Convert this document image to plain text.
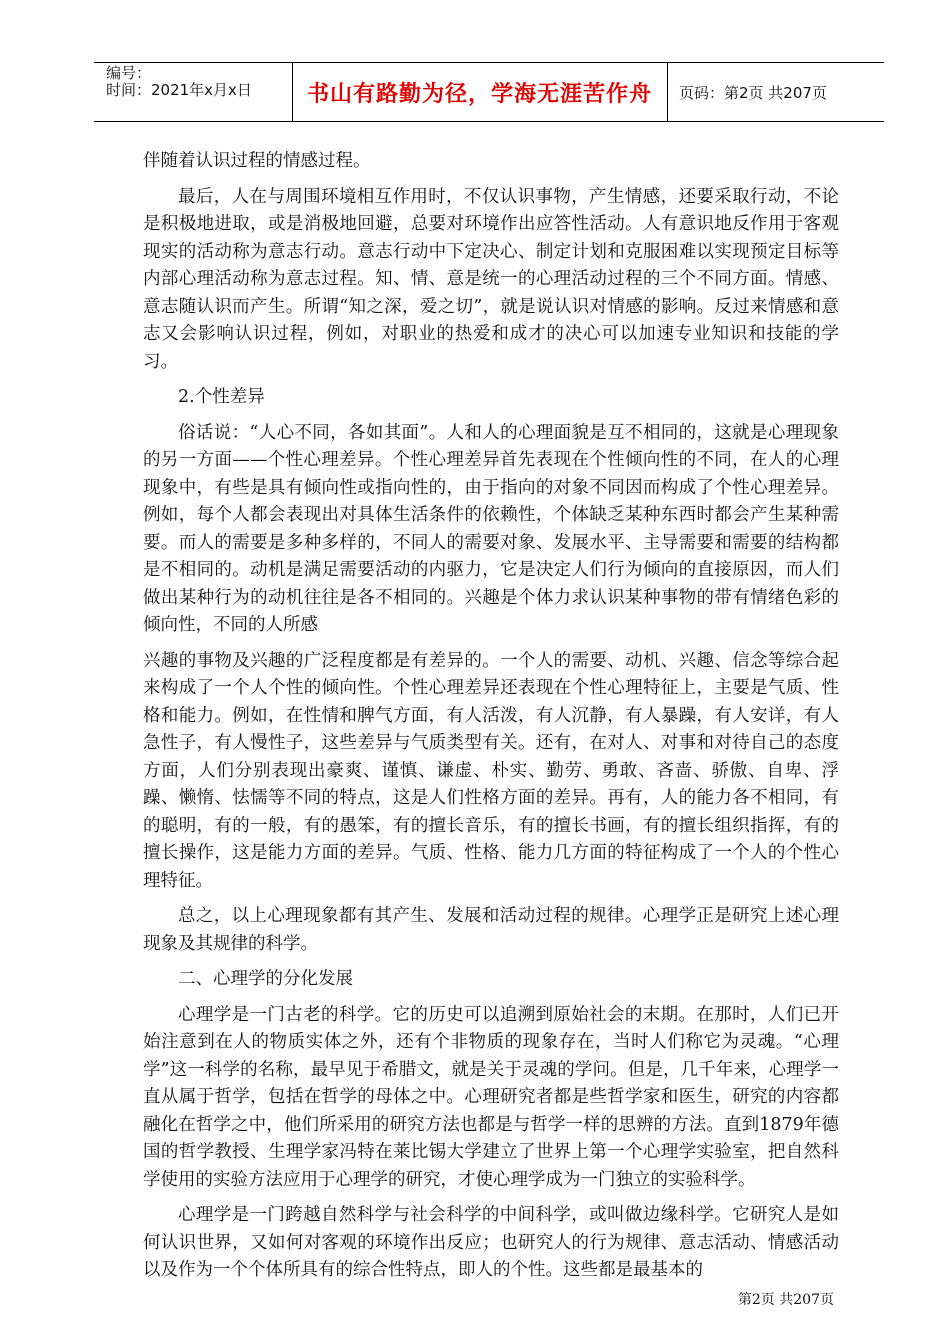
编号：
时间：2021年x月x日	书山有路勤为径，学海无涯苦作舟	页码：第2页 共207页

伴随着认识过程的情感过程。

最后，人在与周围环境相互作用时，不仅认识事物，产生情感，还要采取行动，不论是积极地进取，或是消极地回避，总要对环境作出应答性活动。人有意识地反作用于客观现实的活动称为意志行动。意志行动中下定决心、制定计划和克服困难以实现预定目标等内部心理活动称为意志过程。知、情、意是统一的心理活动过程的三个不同方面。情感、意志随认识而产生。所谓“知之深，爱之切”，就是说认识对情感的影响。反过来情感和意志又会影响认识过程，例如，对职业的热爱和成才的决心可以加速专业知识和技能的学习。

2.个性差异

俗话说：“人心不同，各如其面”。人和人的心理面貌是互不相同的，这就是心理现象的另一方面——个性心理差异。个性心理差异首先表现在个性倾向性的不同，在人的心理现象中，有些是具有倾向性或指向性的，由于指向的对象不同因而构成了个性心理差异。例如，每个人都会表现出对具体生活条件的依赖性，个体缺乏某种东西时都会产生某种需要。而人的需要是多种多样的，不同人的需要对象、发展水平、主导需要和需要的结构都是不相同的。动机是满足需要活动的内驱力，它是决定人们行为倾向的直接原因，而人们做出某种行为的动机往往是各不相同的。兴趣是个体力求认识某种事物的带有情绪色彩的倾向性，不同的人所感

兴趣的事物及兴趣的广泛程度都是有差异的。一个人的需要、动机、兴趣、信念等综合起来构成了一个人个性的倾向性。个性心理差异还表现在个性心理特征上，主要是气质、性格和能力。例如，在性情和脾气方面，有人活泼，有人沉静，有人暴躁，有人安详，有人急性子，有人慢性子，这些差异与气质类型有关。还有，在对人、对事和对待自己的态度方面，人们分别表现出豪爽、谨慎、谦虚、朴实、勤劳、勇敢、吝啬、骄傲、自卑、浮躁、懒惰、怯懦等不同的特点，这是人们性格方面的差异。再有，人的能力各不相同，有的聪明，有的一般，有的愚笨，有的擅长音乐，有的擅长书画，有的擅长组织指挥，有的擅长操作，这是能力方面的差异。气质、性格、能力几方面的特征构成了一个人的个性心理特征。

总之，以上心理现象都有其产生、发展和活动过程的规律。心理学正是研究上述心理现象及其规律的科学。

二、心理学的分化发展

心理学是一门古老的科学。它的历史可以追溯到原始社会的末期。在那时，人们已开始注意到在人的物质实体之外，还有个非物质的现象存在，当时人们称它为灵魂。“心理学”这一科学的名称，最早见于希腊文，就是关于灵魂的学问。但是，几千年来，心理学一直从属于哲学，包括在哲学的母体之中。心理研究者都是些哲学家和医生，研究的内容都融化在哲学之中，他们所采用的研究方法也都是与哲学一样的思辨的方法。直到1879年德国的哲学教授、生理学家冯特在莱比锡大学建立了世界上第一个心理学实验室，把自然科学使用的实验方法应用于心理学的研究，才使心理学成为一门独立的实验科学。

心理学是一门跨越自然科学与社会科学的中间科学，或叫做边缘科学。它研究人是如何认识世界，又如何对客观的环境作出反应；也研究人的行为规律、意志活动、情感活动以及作为一个个体所具有的综合性特点，即人的个性。这些都是最基本的

第2页 共207页
